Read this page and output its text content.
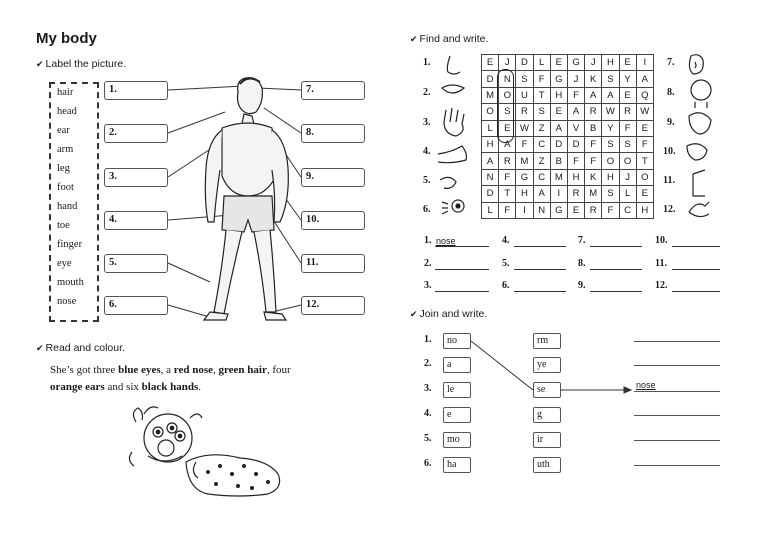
My body
✔ Label the picture.
hair
head
ear
arm
leg
foot
hand
toe
finger
eye
mouth
nose
1.
2.
3.
4.
5.
6.
7.
8.
9.
10.
11.
12.
✔ Read and colour.
She’s got three blue eyes, a red nose, green hair, four
orange ears and six black hands.
✔ Find and write.
1.
2.
3.
4.
5.
6.
7.
8.
9.
10.
11.
12.
E	J	D	L	E	G	J	H	E	I
D	N	S	F	G	J	K	S	Y	A
M	O	U	T	H	F	A	A	E	Q
O	S	R	S	E	A	R	W	R	W
L	E	W	Z	A	V	B	Y	F	E
H	A	F	C	D	D	F	S	S	F
A	R	M	Z	B	F	F	O	O	T
N	F	G	C	M	H	K	H	J	O
D	T	H	A	I	R	M	S	L	E
L	F	I	N	G	E	R	F	C	H
1.	4.	7.	10.
2.	5.	8.	11.
3.	6.	9.	12.
nose
✔ Join and write.
1.
2.
3.
4.
5.
6.
no
a
le
e
mo
ha
rm
ye
se
g
ir
uth
nose
